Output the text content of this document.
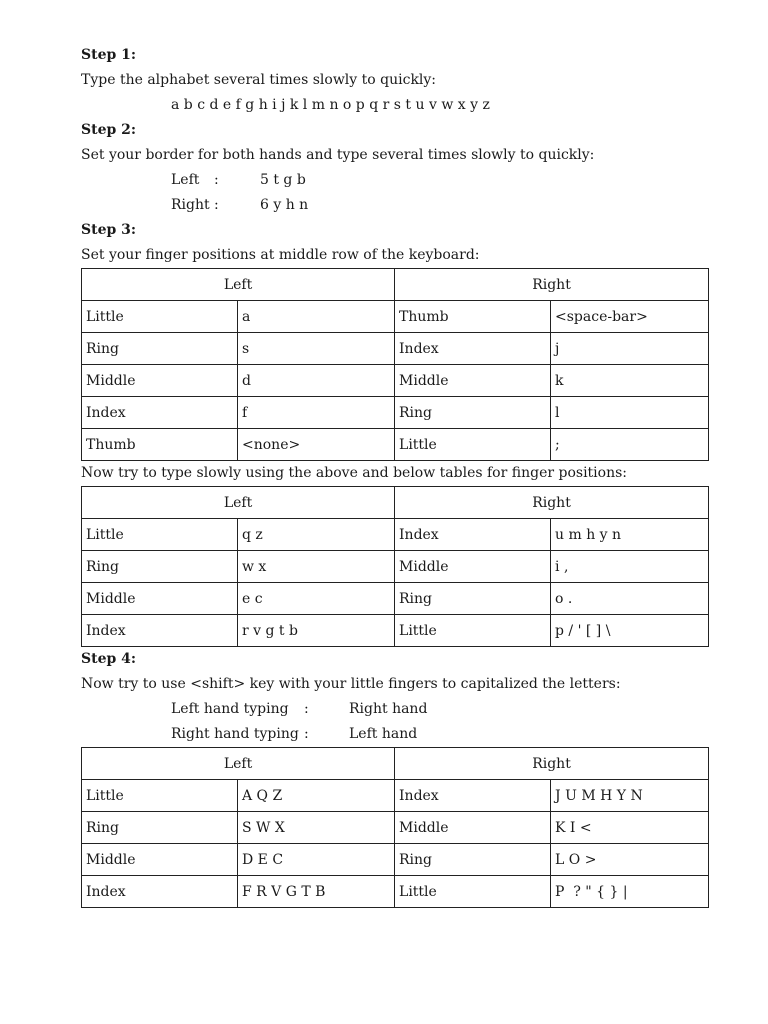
Step 1:
Type the alphabet several times slowly to quickly:
a b c d e f g h i j k l m n o p q r s t u v w x y z
Step 2:
Set your border for both hands and type several times slowly to quickly:
Left	:	5 t g b
Right :	6 y h n
Step 3:
Set your finger positions at middle row of the keyboard:
Left		Right	
Little	a	Thumb	<space-bar>
Ring	s	Index	j
Middle	d	Middle	k
Index	f	Ring	l
Thumb	<none>	Little	;
Now try to type slowly using the above and below tables for finger positions:
Left		Right	
Little	q z	Index	u m h y n
Ring	w x	Middle	i ,
Middle	e c	Ring	o .
Index	r v g t b	Little	p / ' [ ] \
Step 4:
Now try to use <shift> key with your little fingers to capitalized the letters:
Left hand typing	:	Right hand
Right hand typing :	Left hand
Left		Right	
Little	A Q Z	Index	J U M H Y N
Ring	S W X	Middle	K I <
Middle	D E C	Ring	L O >
Index	F R V G T B	Little	P  ? " { } |
